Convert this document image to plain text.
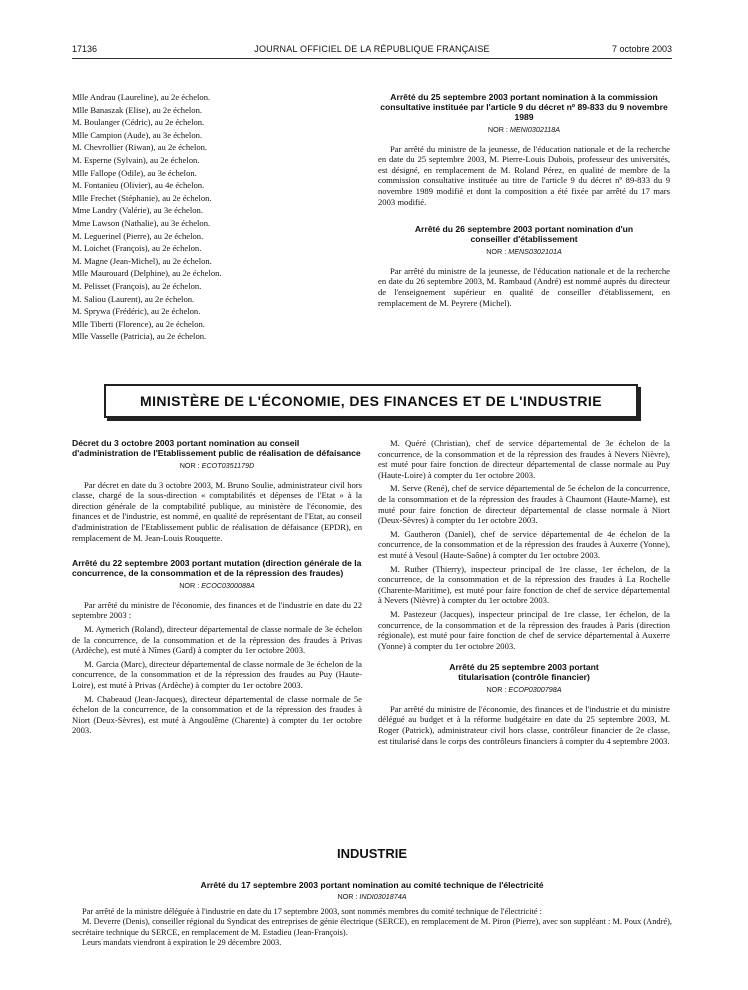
17136	JOURNAL OFFICIEL DE LA RÉPUBLIQUE FRANÇAISE	7 octobre 2003
Mlle Andrau (Laureline), au 2e échelon.
Mlle Banaszak (Elise), au 2e échelon.
M. Boulanger (Cédric), au 2e échelon.
Mlle Campion (Aude), au 3e échelon.
M. Chevrollier (Riwan), au 2e échelon.
M. Esperne (Sylvain), au 2e échelon.
Mlle Fallope (Odile), au 3e échelon.
M. Fontanieu (Olivier), au 4e échelon.
Mlle Frechet (Stéphanie), au 2e échelon.
Mme Landry (Valérie), au 3e échelon.
Mme Lawson (Nathalie), au 3e échelon.
M. Leguerinel (Pierre), au 2e échelon.
M. Loichet (François), au 2e échelon.
M. Magne (Jean-Michel), au 2e échelon.
Mlle Maurouard (Delphine), au 2e échelon.
M. Pelisset (François), au 2e échelon.
M. Saliou (Laurent), au 2e échelon.
M. Sprywa (Frédéric), au 2e échelon.
Mlle Tiberti (Florence), au 2e échelon.
Mlle Vasselle (Patricia), au 2e échelon.
Arrêté du 25 septembre 2003 portant nomination à la commission consultative instituée par l'article 9 du décret nº 89-833 du 9 novembre 1989
NOR : MENI0302118A

Par arrêté du ministre de la jeunesse, de l'éducation nationale et de la recherche en date du 25 septembre 2003, M. Pierre-Louis Dubois, professeur des universités, est désigné, en remplacement de M. Roland Pérez, en qualité de membre de la commission consultative instituée au titre de l'article 9 du décret nº 89-833 du 9 novembre 1989 modifié et dont la composition a été fixée par arrêté du 17 mars 2003 modifié.

Arrêté du 26 septembre 2003 portant nomination d'un conseiller d'établissement
NOR : MENS0302101A

Par arrêté du ministre de la jeunesse, de l'éducation nationale et de la recherche en date du 26 septembre 2003, M. Rambaud (André) est nommé auprès du directeur de l'enseignement supérieur en qualité de conseiller d'établissement, en remplacement de M. Peyrere (Michel).

MINISTÈRE DE L'ÉCONOMIE, DES FINANCES ET DE L'INDUSTRIE
Décret du 3 octobre 2003 portant nomination au conseil d'administration de l'Etablissement public de réalisation de défaisance
NOR : ECOT0351179D

Par décret en date du 3 octobre 2003, M. Bruno Soulie, administrateur civil hors classe, chargé de la sous-direction « comptabilités et dépenses de l'Etat » à la direction générale de la comptabilité publique, au ministère de l'économie, des finances et de l'industrie, est nommé, en qualité de représentant de l'Etat, au conseil d'administration de l'Etablissement public de réalisation de défaisance (EPDR), en remplacement de M. Jean-Louis Rouquette.

Arrêté du 22 septembre 2003 portant mutation (direction générale de la concurrence, de la consommation et de la répression des fraudes)
NOR : ECOC0300088A

Par arrêté du ministre de l'économie, des finances et de l'industrie en date du 22 septembre 2003 :

M. Aymerich (Roland), directeur départemental de classe normale de 3e échelon de la concurrence, de la consommation et de la répression des fraudes à Privas (Ardèche), est muté à Nîmes (Gard) à compter du 1er octobre 2003.

M. Garcia (Marc), directeur départemental de classe normale de 3e échelon de la concurrence, de la consommation et de la répression des fraudes au Puy (Haute-Loire), est muté à Privas (Ardèche) à compter du 1er octobre 2003.

M. Chabeaud (Jean-Jacques), directeur départemental de classe normale de 5e échelon de la concurrence, de la consommation et de la répression des fraudes à Niort (Deux-Sèvres), est muté à Angoulême (Charente) à compter du 1er octobre 2003.

M. Quéré (Christian), chef de service départemental de 3e échelon de la concurrence, de la consommation et de la répression des fraudes à Nevers Nièvre), est muté pour faire fonction de directeur départemental de classe normale au Puy (Haute-Loire) à compter du 1er octobre 2003.

M. Serve (René), chef de service départemental de 5e échelon de la concurrence, de la consommation et de la répression des fraudes à Chaumont (Haute-Marne), est muté pour faire fonction de directeur départemental de classe normale à Niort (Deux-Sèvres) à compter du 1er octobre 2003.

M. Gautheron (Daniel), chef de service départemental de 4e échelon de la concurrence, de la consommation et de la répression des fraudes à Auxerre (Yonne), est muté à Vesoul (Haute-Saône) à compter du 1er octobre 2003.

M. Ruther (Thierry), inspecteur principal de 1re classe, 1er échelon, de la concurrence, de la consommation et de la répression des fraudes à La Rochelle (Charente-Maritime), est muté pour faire fonction de chef de service départemental à Nevers (Nièvre) à compter du 1er octobre 2003.

M. Pastezeur (Jacques), inspecteur principal de 1re classe, 1er échelon, de la concurrence, de la consommation et de la répression des fraudes à Paris (direction régionale), est muté pour faire fonction de chef de service départemental à Auxerre (Yonne) à compter du 1er octobre 2003.

Arrêté du 25 septembre 2003 portant titularisation (contrôle financier)
NOR : ECOP0300798A

Par arrêté du ministre de l'économie, des finances et de l'industrie et du ministre délégué au budget et à la réforme budgétaire en date du 25 septembre 2003, M. Roger (Patrick), administrateur civil hors classe, contrôleur financier de 2e classe, est titularisé dans le corps des contrôleurs financiers à compter du 4 septembre 2003.

INDUSTRIE
Arrêté du 17 septembre 2003 portant nomination au comité technique de l'électricité
NOR : INDI0301874A

Par arrêté de la ministre déléguée à l'industrie en date du 17 septembre 2003, sont nommés membres du comité technique de l'électricité :

M. Deverre (Denis), conseiller régional du Syndicat des entreprises de génie électrique (SERCE), en remplacement de M. Piron (Pierre), avec son suppléant : M. Poux (André), secrétaire technique du SERCE, en remplacement de M. Estadieu (Jean-François).

Leurs mandats viendront à expiration le 29 décembre 2003.
